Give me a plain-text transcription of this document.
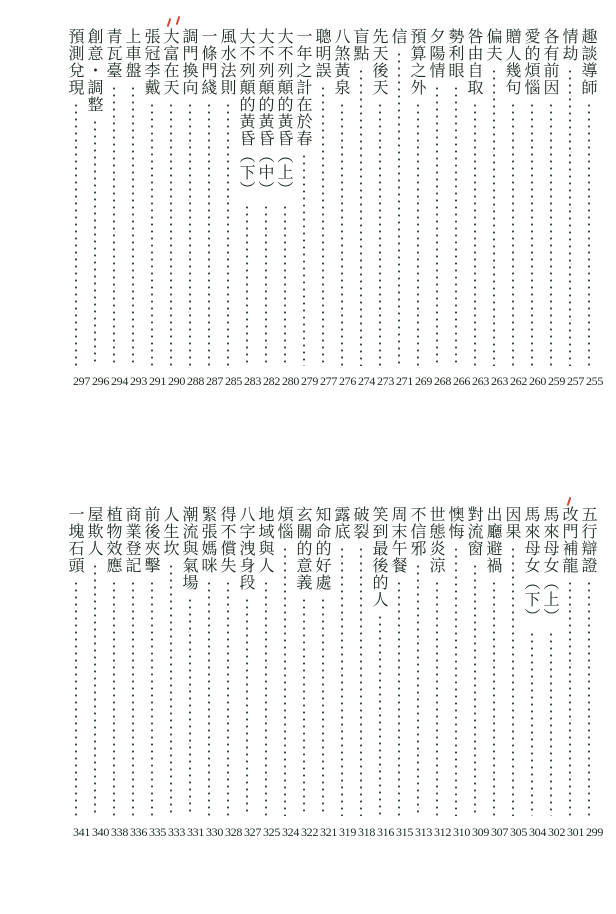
趣談導師
情劫
各有前因
愛的煩惱
贈人幾句
偏夫
咎由自取
勢利眼
夕陽情
預算之外
信
先天後天
盲點
八煞黃泉
聰明誤
一年之計在於春
大不列顛的黃昏（上）
大不列顛的黃昏（中）
大不列顛的黃昏（下）
風水法則
一條門綫
調門換向
大富在天
張冠李戴
上車盤
青瓦臺
創意・調整
預測兌現
255
257
259
260
262
263
263
266
268
269
271
273
274
276
277
279
280
282
283
285
287
288
290
291
293
294
296
297
五行辯證
改門補龍
馬來母女（上）
馬來母女（下）
因果
出廳避禍
對流窗
懊悔
世態炎涼
不信邪
周末午餐
笑到最後的人
破裂
露底
知命的好處
玄關的意義
煩惱
地域與人
八字洩身段
得不償失
緊張媽咪
潮流與氣場
人生坎
前後夾擊
商業登記
植物效應
屋欺人
一塊石頭
299
301
302
304
305
307
309
310
312
313
315
316
318
319
321
322
324
325
327
328
330
331
333
335
336
338
340
341
